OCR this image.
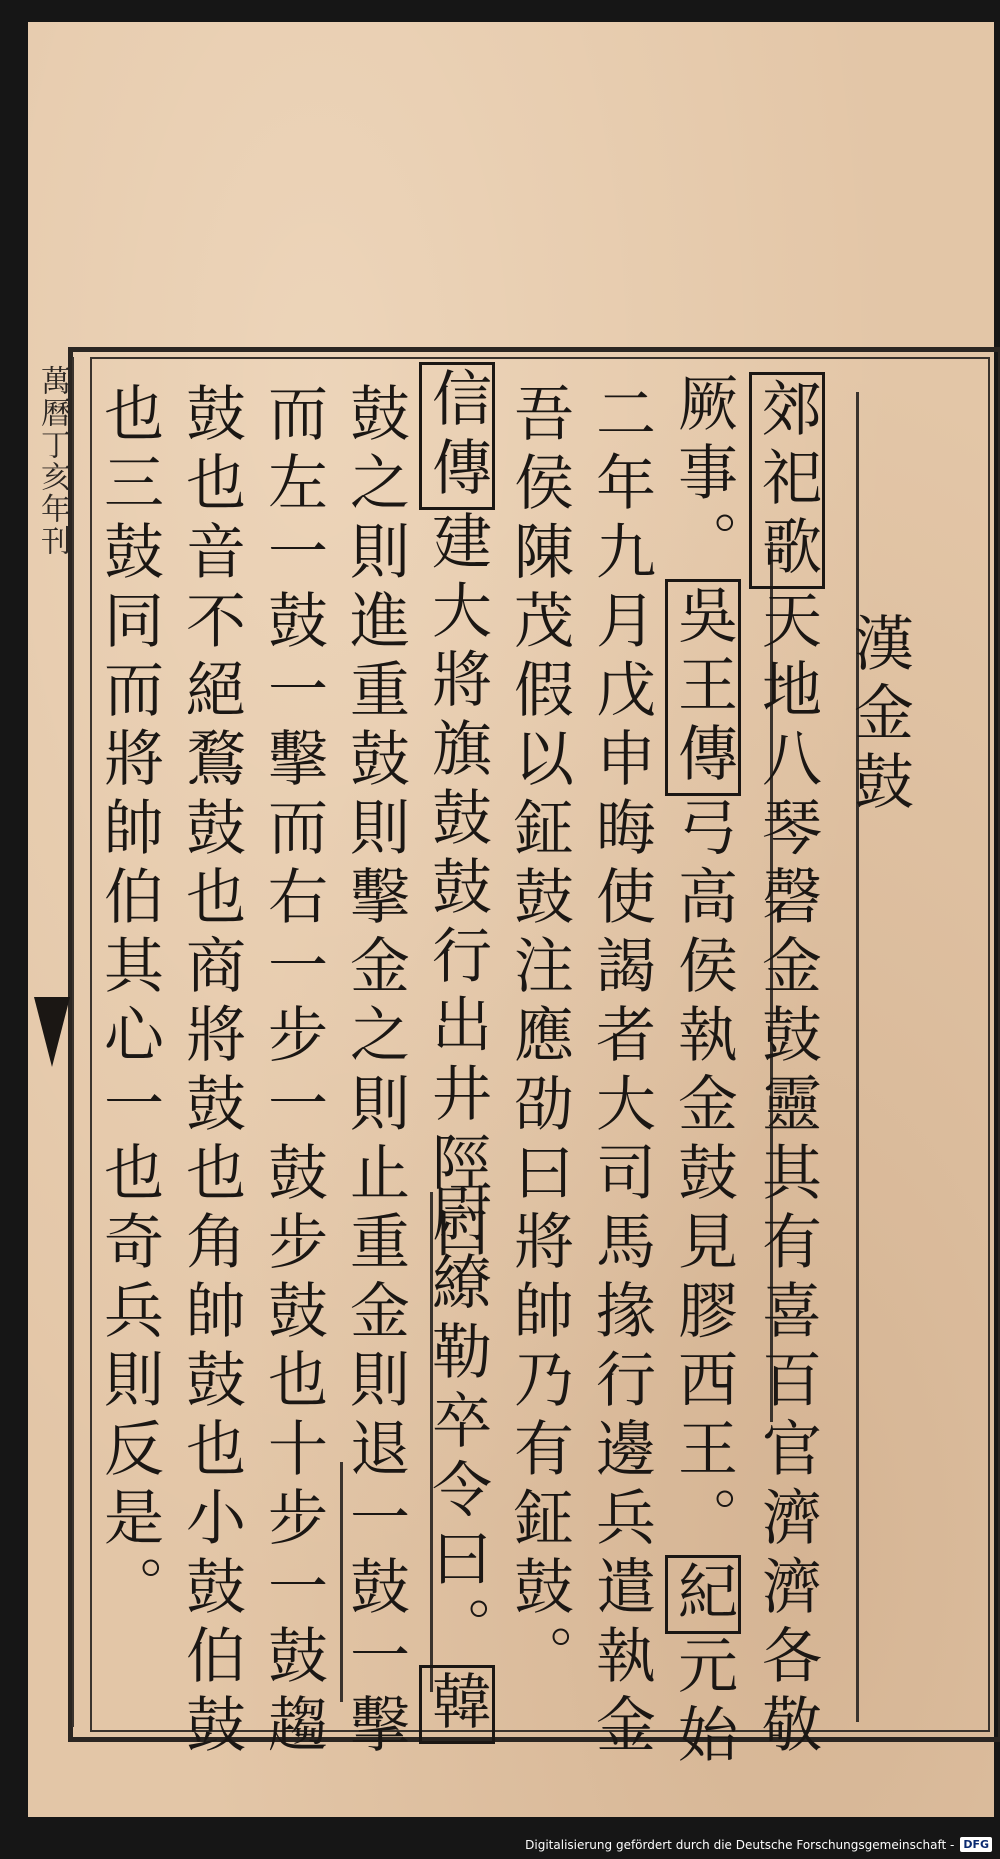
萬曆丁亥年刊
漢金鼓
郊祀歌天地八琴磬金鼓靈其有喜百官濟濟各敬
厥事。吳王傳弓高侯執金鼓見膠西王。紀元始
二年九月戊申晦使謁者大司馬掾行邊兵遣執金
吾侯陳茂假以鉦鼓注應劭曰將帥乃有鉦鼓。
信傳建大將旗鼓鼓行出井陘口
尉繚勒卒令曰。韓
鼓之則進重鼓則擊金之則止重金則退一鼓一擊
而左一鼓一擊而右一步一鼓步鼓也十步一鼓趨
鼓也音不絕鶩鼓也商將鼓也角帥鼓也小鼓伯鼓
也三鼓同而將帥伯其心一也奇兵則反是。
Digitalisierung gefördert durch die Deutsche Forschungsgemeinschaft - DFG
